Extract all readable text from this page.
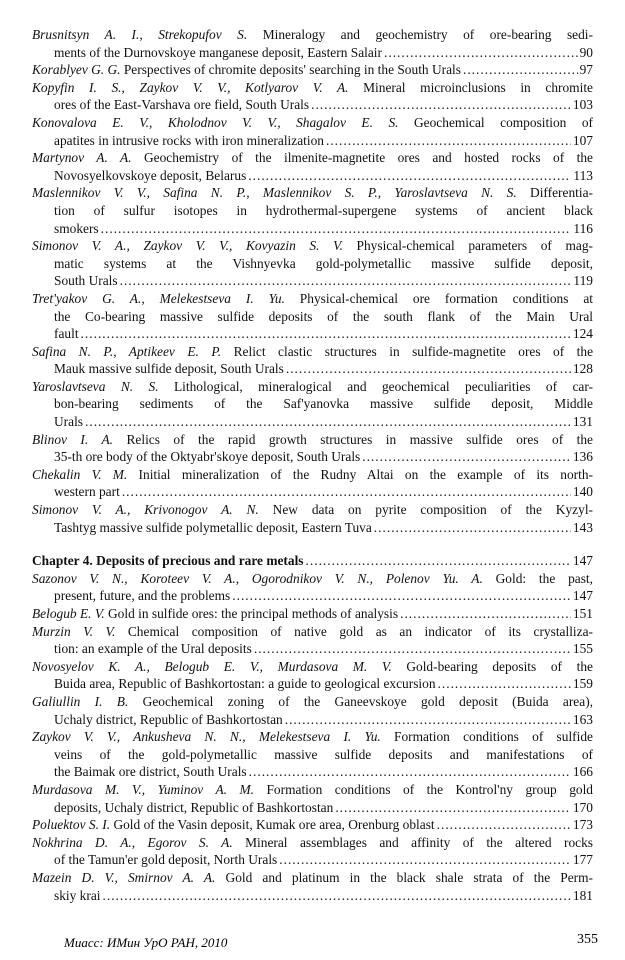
Brusnitsyn A. I., Strekopufov S. Mineralogy and geochemistry of ore-bearing sedi-
ments of the Durnovskoye manganese deposit, Eastern Salair .....	90
Korablyev G. G. Perspectives of chromite deposits' searching in the South Urals .....	97
Kopyfin I. S., Zaykov V. V., Kotlyarov V. A. Mineral microinclusions in chromite
ores of the East-Varshava ore field, South Urals .....	103
Konovalova E. V., Kholodnov V. V., Shagalov E. S. Geochemical composition of
apatites in intrusive rocks with iron mineralization .....	107
Martynov A. A. Geochemistry of the ilmenite-magnetite ores and hosted rocks of the
Novosyelkovskoye deposit, Belarus .....	113
Maslennikov V. V., Safina N. P., Maslennikov S. P., Yaroslavtseva N. S. Differentia-
tion of sulfur isotopes in hydrothermal-supergene systems of ancient black
smokers .....	116
Simonov V. A., Zaykov V. V., Kovyazin S. V. Physical-chemical parameters of mag-
matic systems at the Vishnyevka gold-polymetallic massive sulfide deposit,
South Urals .....	119
Tret'yakov G. A., Melekestseva I. Yu. Physical-chemical ore formation conditions at
the Co-bearing massive sulfide deposits of the south flank of the Main Ural
fault .....	124
Safina N. P., Aptikeev E. P. Relict clastic structures in sulfide-magnetite ores of the
Mauk massive sulfide deposit, South Urals .....	128
Yaroslavtseva N. S. Lithological, mineralogical and geochemical peculiarities of car-
bon-bearing sediments of the Saf'yanovka massive sulfide deposit, Middle
Urals .....	131
Blinov I. A. Relics of the rapid growth structures in massive sulfide ores of the
35-th ore body of the Oktyabr'skoye deposit, South Urals .....	136
Chekalin V. M. Initial mineralization of the Rudny Altai on the example of its north-
western part .....	140
Simonov V. A., Krivonogov A. N. New data on pyrite composition of the Kyzyl-
Tashtyg massive sulfide polymetallic deposit, Eastern Tuva .....	143
Chapter 4. Deposits of precious and rare metals .....	147
Sazonov V. N., Koroteev V. A., Ogorodnikov V. N., Polenov Yu. A. Gold: the past,
present, future, and the problems .....	147
Belogub E. V. Gold in sulfide ores: the principal methods of analysis .....	151
Murzin V. V. Chemical composition of native gold as an indicator of its crystalliza-
tion: an example of the Ural deposits .....	155
Novosyelov K. A., Belogub E. V., Murdasova M. V. Gold-bearing deposits of the
Buida area, Republic of Bashkortostan: a guide to geological excursion .....	159
Galiullin I. B. Geochemical zoning of the Ganeevskoye gold deposit (Buida area),
Uchaly district, Republic of Bashkortostan .....	163
Zaykov V. V., Ankusheva N. N., Melekestseva I. Yu. Formation conditions of sulfide
veins of the gold-polymetallic massive sulfide deposits and manifestations of
the Baimak ore district, South Urals .....	166
Murdasova M. V., Yuminov A. M. Formation conditions of the Kontrol'ny group gold
deposits, Uchaly district, Republic of Bashkortostan .....	170
Poluektov S. I. Gold of the Vasin deposit, Kumak ore area, Orenburg oblast .....	173
Nokhrina D. A., Egorov S. A. Mineral assemblages and affinity of the altered rocks
of the Tamun'er gold deposit, North Urals .....	177
Mazein D. V., Smirnov A. A. Gold and platinum in the black shale strata of the Perm-
skiy krai .....	181
Миасс: ИМин УрО РАН, 2010	355
